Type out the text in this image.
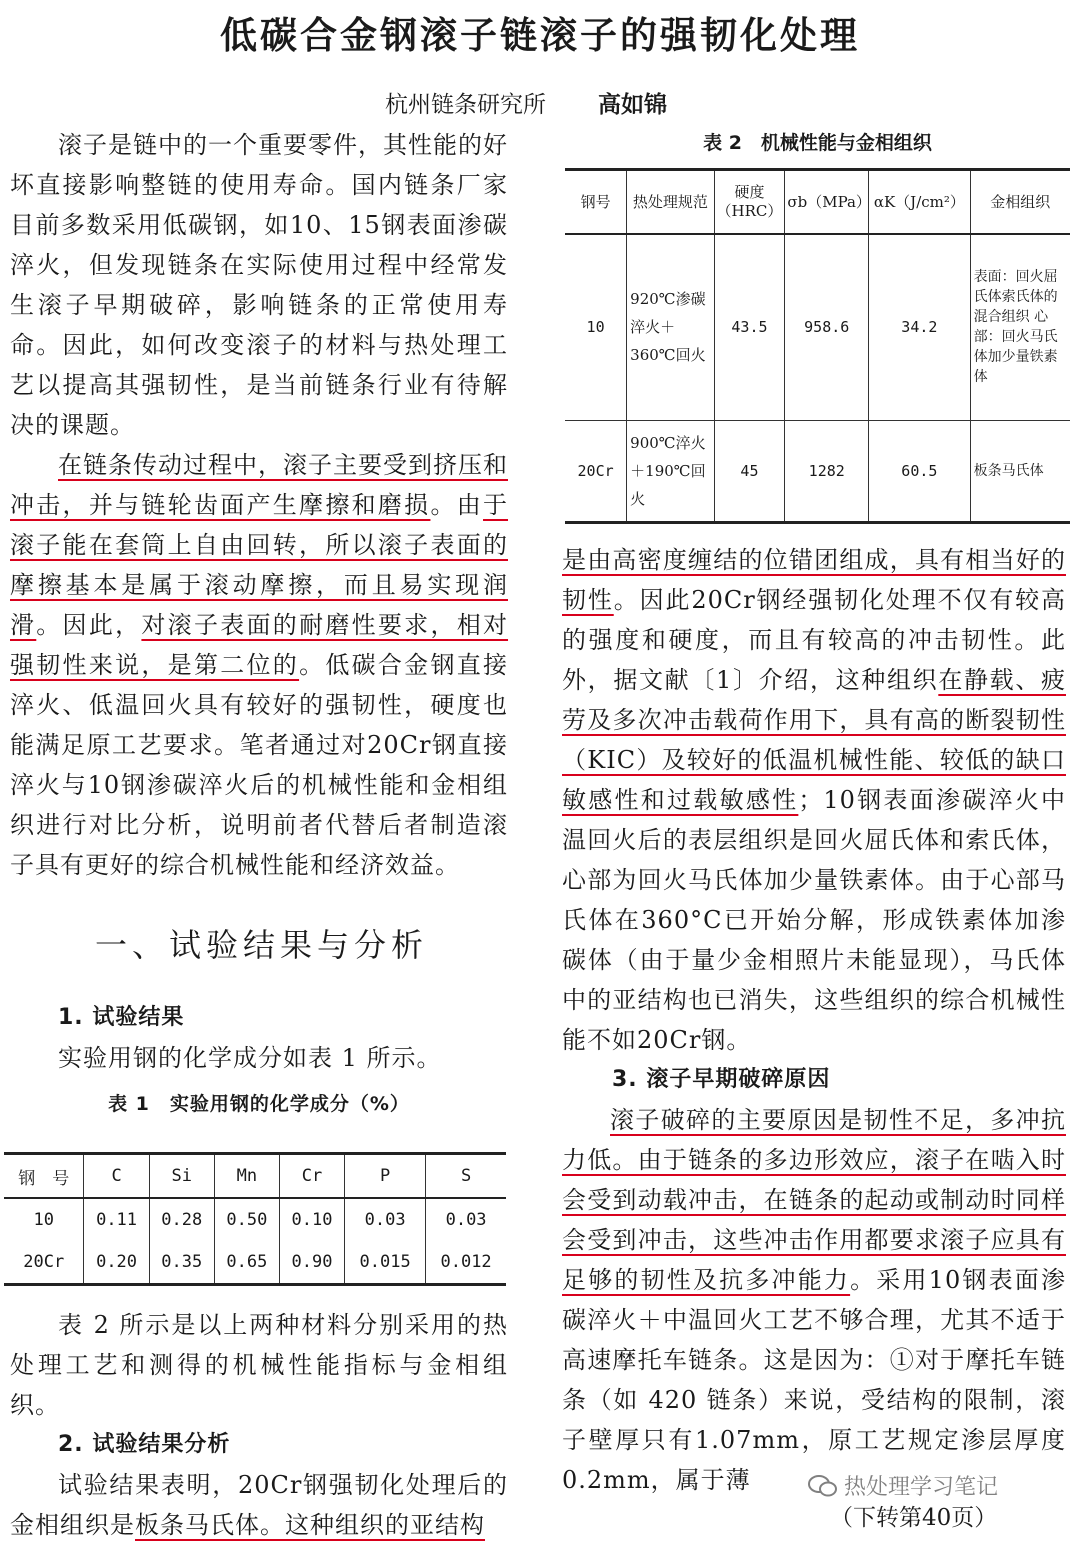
低碳合金钢滚子链滚子的强韧化处理
杭州链条研究所 高如锦

滚子是链中的一个重要零件，其性能的好坏直接影响整链的使用寿命。国内链条厂家目前多数采用低碳钢，如10、15钢表面渗碳淬火，但发现链条在实际使用过程中经常发生滚子早期破碎，影响链条的正常使用寿命。因此，如何改变滚子的材料与热处理工艺以提高其强韧性，是当前链条行业有待解决的课题。

在链条传动过程中，滚子主要受到挤压和冲击，并与链轮齿面产生摩擦和磨损。由于滚子能在套筒上自由回转，所以滚子表面的摩擦基本是属于滚动摩擦，而且易实现润滑。因此，对滚子表面的耐磨性要求，相对强韧性来说，是第二位的。低碳合金钢直接淬火、低温回火具有较好的强韧性，硬度也能满足原工艺要求。笔者通过对20Cr钢直接淬火与10钢渗碳淬火后的机械性能和金相组织进行对比分析，说明前者代替后者制造滚子具有更好的综合机械性能和经济效益。

一、试验结果与分析

1. 试验结果

实验用钢的化学成分如表 1 所示。

表 1　实验用钢的化学成分（%）
钢　号	C	Si	Mn	Cr	P	S
10	0.11	0.28	0.50	0.10	0.03	0.03
20Cr	0.20	0.35	0.65	0.90	0.015	0.012

表 2 所示是以上两种材料分别采用的热处理工艺和测得的机械性能指标与金相组织。

2. 试验结果分析

试验结果表明，20Cr钢强韧化处理后的金相组织是板条马氏体。这种组织的亚结构

表 2　机械性能与金相组织
钢号	热处理规范	硬度（HRC）	σb（MPa）	αK（J/cm²）	金相组织
10	920℃渗碳淬火＋360℃回火	43.5	958.6	34.2	表面：回火屈氏体索氏体的混合组织 心部：回火马氏体加少量铁素体
20Cr	900℃淬火＋190℃回火	45	1282	60.5	板条马氏体

是由高密度缠结的位错团组成，具有相当好的韧性。因此20Cr钢经强韧化处理不仅有较高的强度和硬度，而且有较高的冲击韧性。此外，据文献〔1〕介绍，这种组织在静载、疲劳及多次冲击载荷作用下，具有高的断裂韧性（KIC）及较好的低温机械性能、较低的缺口敏感性和过载敏感性；10钢表面渗碳淬火中温回火后的表层组织是回火屈氏体和索氏体，心部为回火马氏体加少量铁素体。由于心部马氏体在360°C已开始分解，形成铁素体加渗碳体（由于量少金相照片未能显现），马氏体中的亚结构也已消失，这些组织的综合机械性能不如20Cr钢。

3. 滚子早期破碎原因

滚子破碎的主要原因是韧性不足，多冲抗力低。由于链条的多边形效应，滚子在啮入时会受到动载冲击，在链条的起动或制动时同样会受到冲击，这些冲击作用都要求滚子应具有足够的韧性及抗多冲能力。采用10钢表面渗碳淬火＋中温回火工艺不够合理，尤其不适于高速摩托车链条。这是因为：①对于摩托车链条（如 420 链条）来说，受结构的限制，滚子壁厚只有1.07mm，原工艺规定渗层厚度0.2mm，属于薄	热处理学习笔记
（下转第40页）
